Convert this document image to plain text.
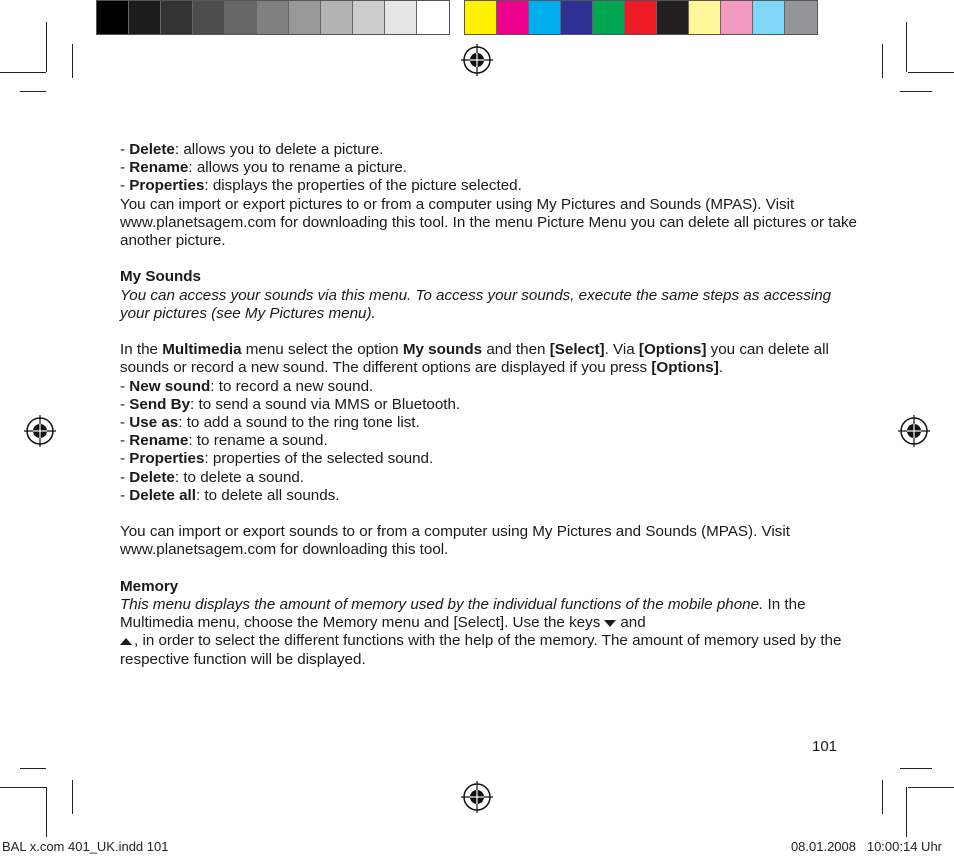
- Delete: allows you to delete a picture.

- Rename: allows you to rename a picture.

- Properties: displays the properties of the picture selected.

You can import or export pictures to or from a computer using My Pictures and Sounds (MPAS). Visit www.planetsagem.com for downloading this tool. In the menu Picture Menu you can delete all pictures or take another picture.

My Sounds

You can access your sounds via this menu. To access your sounds, execute the same steps as accessing your pictures (see My Pictures menu).

In the Multimedia menu select the option My sounds and then [Select]. Via [Options] you can delete all sounds or record a new sound. The different options are displayed if you press [Options].

- New sound: to record a new sound.

- Send By: to send a sound via MMS or Bluetooth.

- Use as: to add a sound to the ring tone list.

- Rename: to rename a sound.

- Properties: properties of the selected sound.

- Delete: to delete a sound.

- Delete all: to delete all sounds.

You can import or export sounds to or from a computer using My Pictures and Sounds (MPAS). Visit www.planetsagem.com for downloading this tool.

Memory

This menu displays the amount of memory used by the individual functions of the mobile phone. In the Multimedia menu, choose the Memory menu and [Select]. Use the keys and
, in order to select the different functions with the help of the memory. The amount of memory used by the respective function will be displayed.

101
BAL x.com 401_UK.indd 101	08.01.2008   10:00:14 Uhr
